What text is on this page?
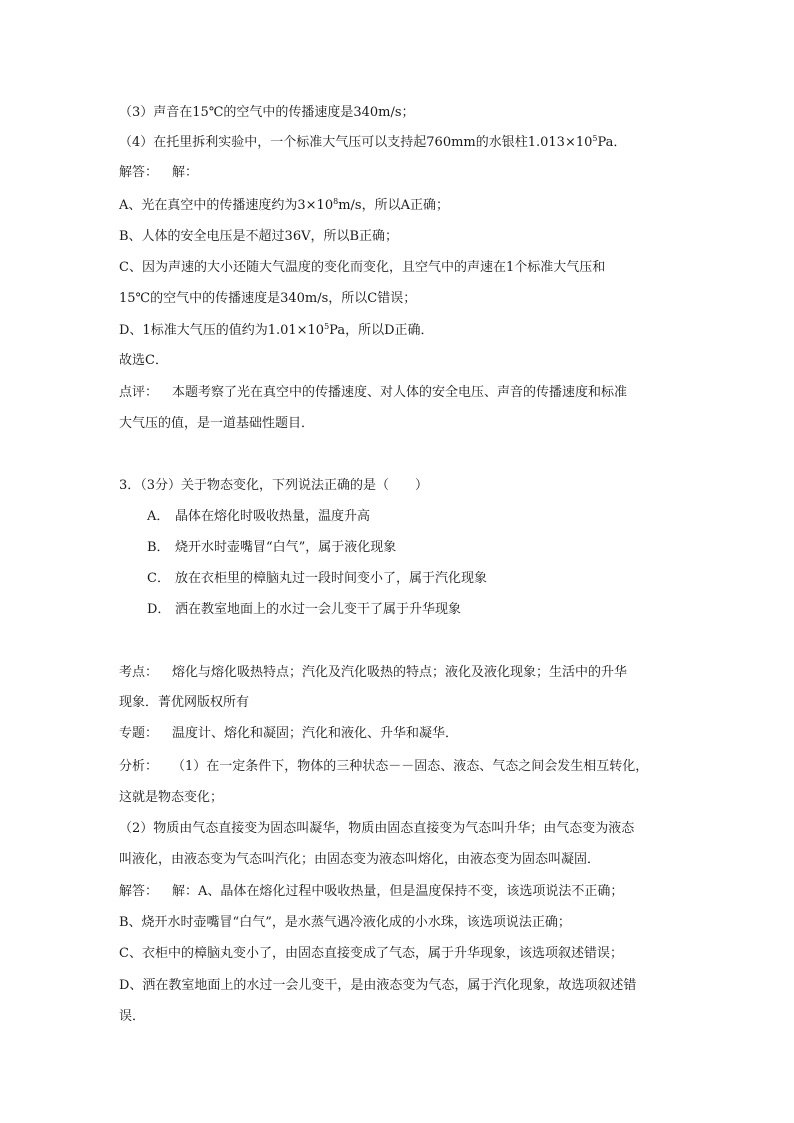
（3）声音在15℃的空气中的传播速度是340m/s；
（4）在托里拆利实验中，一个标准大气压可以支持起760mm的水银柱$1.013\times 10^5Pa$．
解答： 解：
A、光在真空中的传播速度约为$3\times 10^8m/s$，所以A正确；
B、人体的安全电压是不超过36V，所以B正确；
C、因为声速的大小还随大气温度的变化而变化，且空气中的声速在1个标准大气压和
15℃的空气中的传播速度是340m/s，所以C错误；
D、1标准大气压的值约为$1.01\times 10^5Pa$，所以D正确．
故选C．
点评： 本题考察了光在真空中的传播速度、对人体的安全电压、声音的传播速度和标准
大气压的值，是一道基础性题目．
3．（3分）关于物态变化，下列说法正确的是（　　）
A． 晶体在熔化时吸收热量，温度升高
B． 烧开水时壶嘴冒“白气”，属于液化现象
C． 放在衣柜里的樟脑丸过一段时间变小了，属于汽化现象
D． 洒在教室地面上的水过一会儿变干了属于升华现象
考点： 熔化与熔化吸热特点；汽化及汽化吸热的特点；液化及液化现象；生活中的升华
现象．菁优网版权所有
专题： 温度计、熔化和凝固；汽化和液化、升华和凝华．
分析： （1）在一定条件下，物体的三种状态－－固态、液态、气态之间会发生相互转化，
这就是物态变化；
（2）物质由气态直接变为固态叫凝华，物质由固态直接变为气态叫升华；由气态变为液态
叫液化，由液态变为气态叫汽化；由固态变为液态叫熔化，由液态变为固态叫凝固．
解答： 解：A、晶体在熔化过程中吸收热量，但是温度保持不变，该选项说法不正确；
B、烧开水时壶嘴冒“白气”，是水蒸气遇冷液化成的小水珠，该选项说法正确；
C、衣柜中的樟脑丸变小了，由固态直接变成了气态，属于升华现象，该选项叙述错误；
D、洒在教室地面上的水过一会儿变干，是由液态变为气态，属于汽化现象，故选项叙述错
误．
